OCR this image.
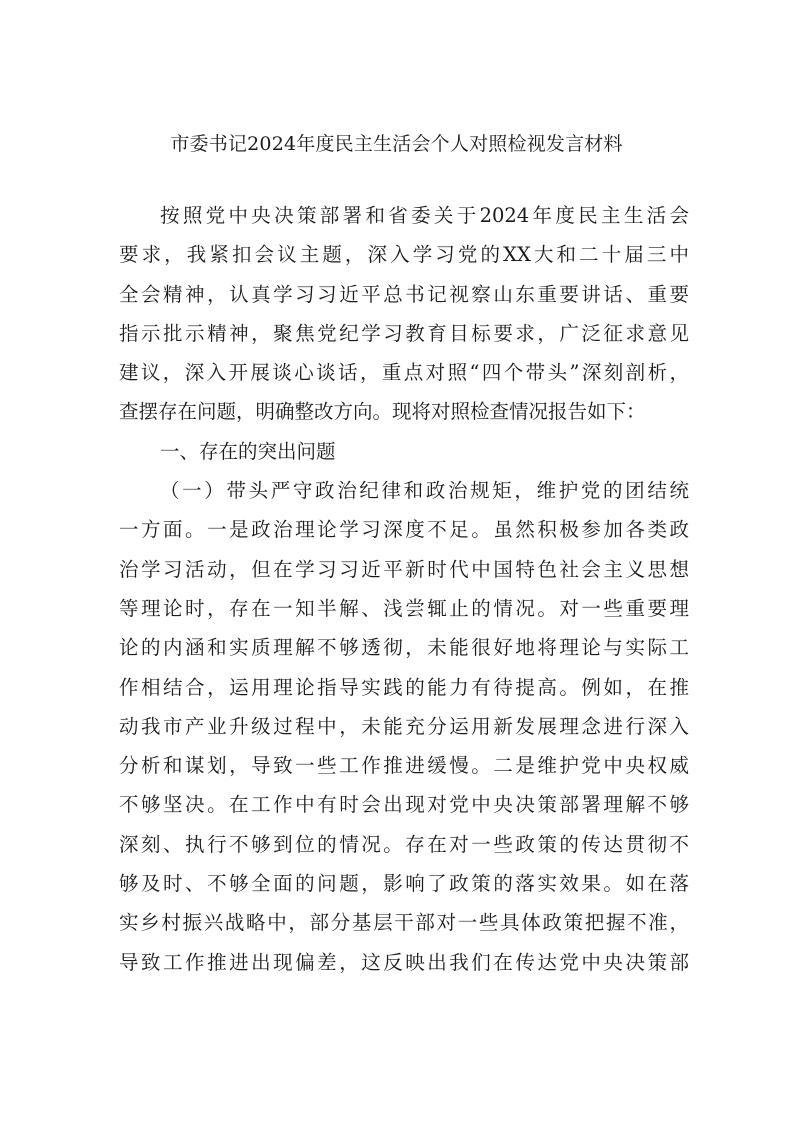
市委书记2024年度民主生活会个人对照检视发言材料
按照党中央决策部署和省委关于2024年度民主生活会
要求，我紧扣会议主题，深入学习党的XX大和二十届三中
全会精神，认真学习习近平总书记视察山东重要讲话、重要
指示批示精神，聚焦党纪学习教育目标要求，广泛征求意见
建议，深入开展谈心谈话，重点对照“四个带头”深刻剖析，
查摆存在问题，明确整改方向。现将对照检查情况报告如下：
一、存在的突出问题
（一）带头严守政治纪律和政治规矩，维护党的团结统
一方面。一是政治理论学习深度不足。虽然积极参加各类政
治学习活动，但在学习习近平新时代中国特色社会主义思想
等理论时，存在一知半解、浅尝辄止的情况。对一些重要理
论的内涵和实质理解不够透彻，未能很好地将理论与实际工
作相结合，运用理论指导实践的能力有待提高。例如，在推
动我市产业升级过程中，未能充分运用新发展理念进行深入
分析和谋划，导致一些工作推进缓慢。二是维护党中央权威
不够坚决。在工作中有时会出现对党中央决策部署理解不够
深刻、执行不够到位的情况。存在对一些政策的传达贯彻不
够及时、不够全面的问题，影响了政策的落实效果。如在落
实乡村振兴战略中，部分基层干部对一些具体政策把握不准，
导致工作推进出现偏差，这反映出我们在传达党中央决策部
